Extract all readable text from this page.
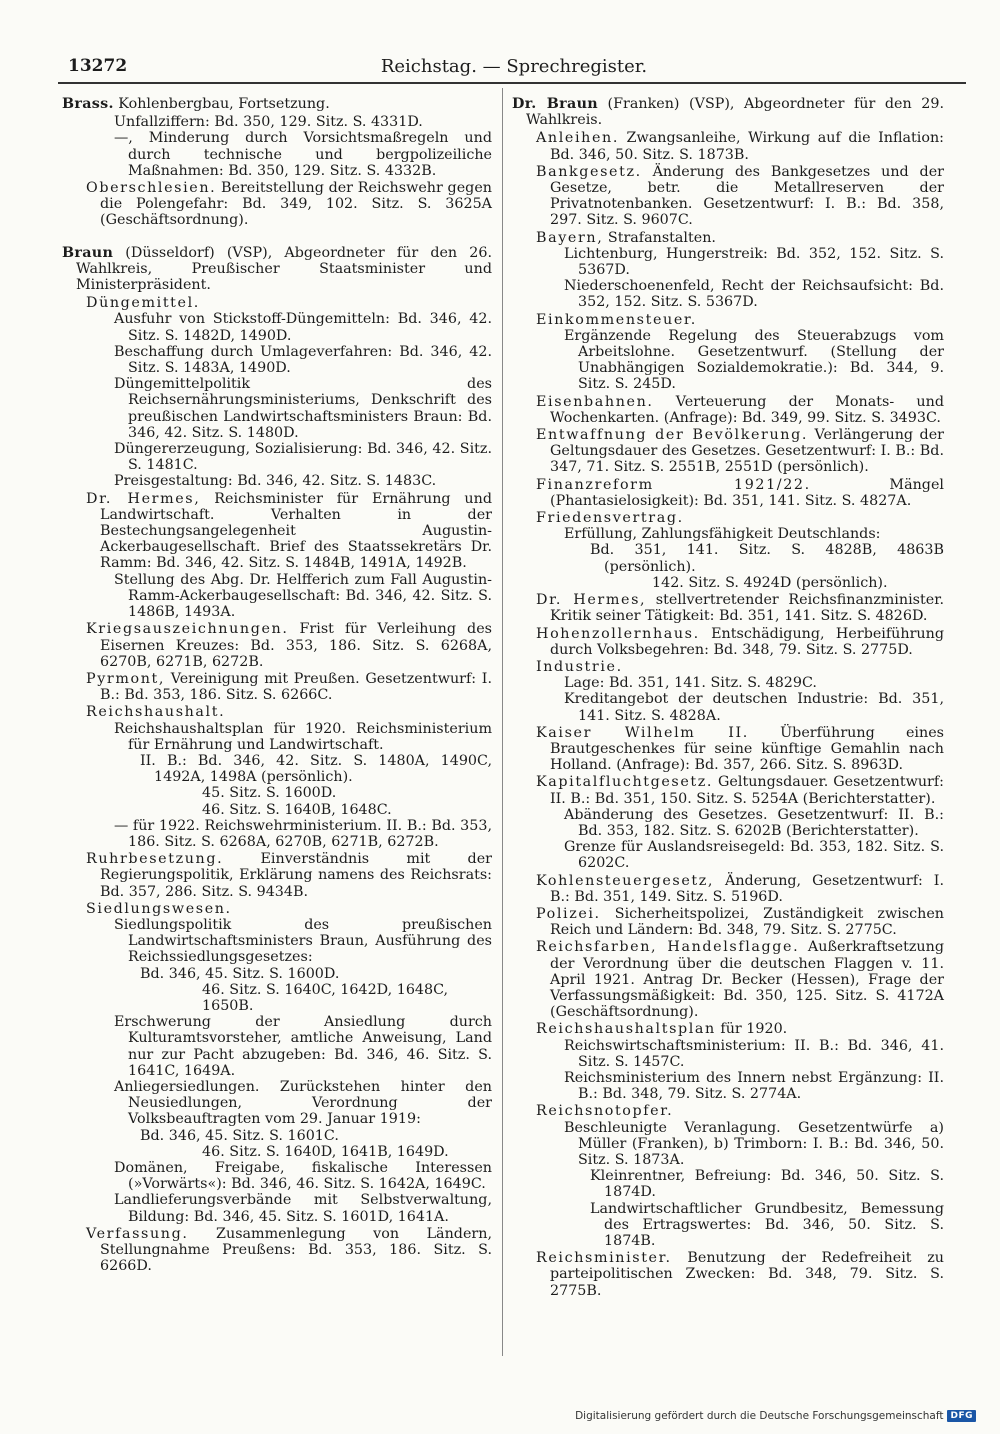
13272	Reichstag. — Sprechregister.
Brass. Kohlenbergbau, Fortsetzung.
Unfallziffern: Bd. 350, 129. Sitz. S. 4331D.
—, Minderung durch Vorsichtsmaßregeln und durch technische und bergpolizeiliche Maßnahmen: Bd. 350, 129. Sitz. S. 4332B.
Oberschlesien. Bereitstellung der Reichswehr gegen die Polengefahr: Bd. 349, 102. Sitz. S. 3625A (Geschäftsordnung).
Braun (Düsseldorf) (VSP), Abgeordneter für den 26. Wahlkreis, Preußischer Staatsminister und Ministerpräsident.
Düngemittel.
Ausfuhr von Stickstoff-Düngemitteln: Bd. 346, 42. Sitz. S. 1482D, 1490D.
Beschaffung durch Umlageverfahren: Bd. 346, 42. Sitz. S. 1483A, 1490D.
Düngemittelpolitik des Reichsernährungsministeriums, Denkschrift des preußischen Landwirtschaftsministers Braun: Bd. 346, 42. Sitz. S. 1480D.
Düngererzeugung, Sozialisierung: Bd. 346, 42. Sitz. S. 1481C.
Preisgestaltung: Bd. 346, 42. Sitz. S. 1483C.
Dr. Hermes, Reichsminister für Ernährung und Landwirtschaft. Verhalten in der Bestechungsangelegenheit Augustin-Ackerbaugesellschaft. Brief des Staatssekretärs Dr. Ramm: Bd. 346, 42. Sitz. S. 1484B, 1491A, 1492B.
Stellung des Abg. Dr. Helfferich zum Fall Augustin-Ramm-Ackerbaugesellschaft: Bd. 346, 42. Sitz. S. 1486B, 1493A.
Kriegsauszeichnungen. Frist für Verleihung des Eisernen Kreuzes: Bd. 353, 186. Sitz. S. 6268A, 6270B, 6271B, 6272B.
Pyrmont, Vereinigung mit Preußen. Gesetzentwurf: I. B.: Bd. 353, 186. Sitz. S. 6266C.
Reichshaushalt.
Reichshaushaltsplan für 1920. Reichsministerium für Ernährung und Landwirtschaft.
II. B.: Bd. 346, 42. Sitz. S. 1480A, 1490C, 1492A, 1498A (persönlich).
45. Sitz. S. 1600D.
46. Sitz. S. 1640B, 1648C.
— für 1922. Reichswehrministerium. II. B.: Bd. 353, 186. Sitz. S. 6268A, 6270B, 6271B, 6272B.
Ruhrbesetzung. Einverständnis mit der Regierungspolitik, Erklärung namens des Reichsrats: Bd. 357, 286. Sitz. S. 9434B.
Siedlungswesen.
Siedlungspolitik des preußischen Landwirtschaftsministers Braun, Ausführung des Reichssiedlungsgesetzes:
Bd. 346, 45. Sitz. S. 1600D.
46. Sitz. S. 1640C, 1642D, 1648C, 1650B.
Erschwerung der Ansiedlung durch Kulturamtsvorsteher, amtliche Anweisung, Land nur zur Pacht abzugeben: Bd. 346, 46. Sitz. S. 1641C, 1649A.
Anliegersiedlungen. Zurückstehen hinter den Neusiedlungen, Verordnung der Volksbeauftragten vom 29. Januar 1919:
Bd. 346, 45. Sitz. S. 1601C.
46. Sitz. S. 1640D, 1641B, 1649D.
Domänen, Freigabe, fiskalische Interessen (»Vorwärts«): Bd. 346, 46. Sitz. S. 1642A, 1649C.
Landlieferungsverbände mit Selbstverwaltung, Bildung: Bd. 346, 45. Sitz. S. 1601D, 1641A.
Verfassung. Zusammenlegung von Ländern, Stellungnahme Preußens: Bd. 353, 186. Sitz. S. 6266D.
Dr. Braun (Franken) (VSP), Abgeordneter für den 29. Wahlkreis.
Anleihen. Zwangsanleihe, Wirkung auf die Inflation: Bd. 346, 50. Sitz. S. 1873B.
Bankgesetz. Änderung des Bankgesetzes und der Gesetze, betr. die Metallreserven der Privatnotenbanken. Gesetzentwurf: I. B.: Bd. 358, 297. Sitz. S. 9607C.
Bayern, Strafanstalten.
Lichtenburg, Hungerstreik: Bd. 352, 152. Sitz. S. 5367D.
Niederschoenenfeld, Recht der Reichsaufsicht: Bd. 352, 152. Sitz. S. 5367D.
Einkommensteuer.
Ergänzende Regelung des Steuerabzugs vom Arbeitslohne. Gesetzentwurf. (Stellung der Unabhängigen Sozialdemokratie.): Bd. 344, 9. Sitz. S. 245D.
Eisenbahnen. Verteuerung der Monats- und Wochenkarten. (Anfrage): Bd. 349, 99. Sitz. S. 3493C.
Entwaffnung der Bevölkerung. Verlängerung der Geltungsdauer des Gesetzes. Gesetzentwurf: I. B.: Bd. 347, 71. Sitz. S. 2551B, 2551D (persönlich).
Finanzreform 1921/22. Mängel (Phantasielosigkeit): Bd. 351, 141. Sitz. S. 4827A.
Friedensvertrag.
Erfüllung, Zahlungsfähigkeit Deutschlands:
Bd. 351, 141. Sitz. S. 4828B, 4863B (persönlich).
142. Sitz. S. 4924D (persönlich).
Dr. Hermes, stellvertretender Reichsfinanzminister. Kritik seiner Tätigkeit: Bd. 351, 141. Sitz. S. 4826D.
Hohenzollernhaus. Entschädigung, Herbeiführung durch Volksbegehren: Bd. 348, 79. Sitz. S. 2775D.
Industrie.
Lage: Bd. 351, 141. Sitz. S. 4829C.
Kreditangebot der deutschen Industrie: Bd. 351, 141. Sitz. S. 4828A.
Kaiser Wilhelm II. Überführung eines Brautgeschenkes für seine künftige Gemahlin nach Holland. (Anfrage): Bd. 357, 266. Sitz. S. 8963D.
Kapitalfluchtgesetz. Geltungsdauer. Gesetzentwurf: II. B.: Bd. 351, 150. Sitz. S. 5254A (Berichterstatter).
Abänderung des Gesetzes. Gesetzentwurf: II. B.: Bd. 353, 182. Sitz. S. 6202B (Berichterstatter).
Grenze für Auslandsreisegeld: Bd. 353, 182. Sitz. S. 6202C.
Kohlensteuergesetz, Änderung, Gesetzentwurf: I. B.: Bd. 351, 149. Sitz. S. 5196D.
Polizei. Sicherheitspolizei, Zuständigkeit zwischen Reich und Ländern: Bd. 348, 79. Sitz. S. 2775C.
Reichsfarben, Handelsflagge. Außerkraftsetzung der Verordnung über die deutschen Flaggen v. 11. April 1921. Antrag Dr. Becker (Hessen), Frage der Verfassungsmäßigkeit: Bd. 350, 125. Sitz. S. 4172A (Geschäftsordnung).
Reichshaushaltsplan für 1920.
Reichswirtschaftsministerium: II. B.: Bd. 346, 41. Sitz. S. 1457C.
Reichsministerium des Innern nebst Ergänzung: II. B.: Bd. 348, 79. Sitz. S. 2774A.
Reichsnotopfer.
Beschleunigte Veranlagung. Gesetzentwürfe a) Müller (Franken), b) Trimborn: I. B.: Bd. 346, 50. Sitz. S. 1873A.
Kleinrentner, Befreiung: Bd. 346, 50. Sitz. S. 1874D.
Landwirtschaftlicher Grundbesitz, Bemessung des Ertragswertes: Bd. 346, 50. Sitz. S. 1874B.
Reichsminister. Benutzung der Redefreiheit zu parteipolitischen Zwecken: Bd. 348, 79. Sitz. S. 2775B.
Digitalisierung gefördert durch die Deutsche Forschungsgemeinschaft DFG
